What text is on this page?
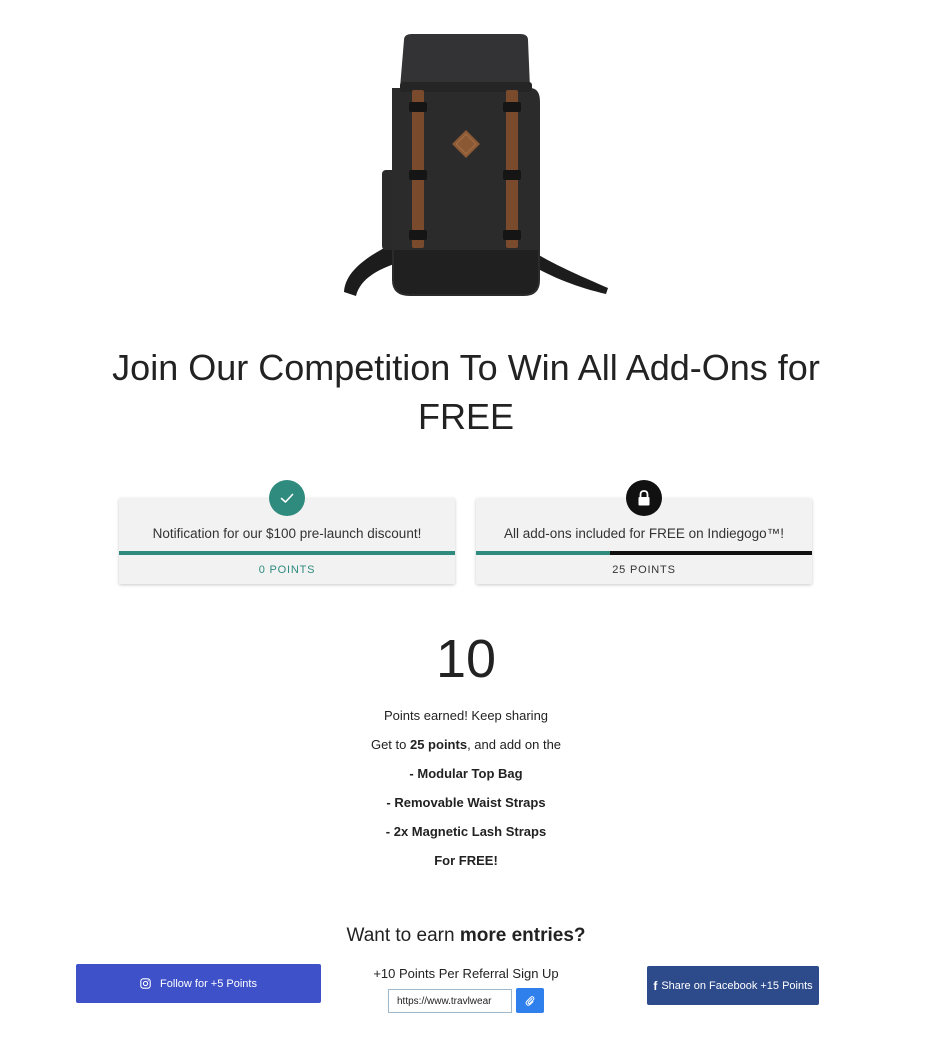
Join Our Competition To Win All Add-Ons for FREE
Notification for our $100 pre-launch discount!
0 POINTS
All add-ons included for FREE on Indiegogo™!
25 POINTS
10
Points earned! Keep sharing
Get to 25 points, and add on the
- Modular Top Bag
- Removable Waist Straps
- 2x Magnetic Lash Straps
For FREE!
Want to earn more entries?
Follow for +5 Points
+10 Points Per Referral Sign Up
https://www.travlwear
f Share on Facebook +15 Points
